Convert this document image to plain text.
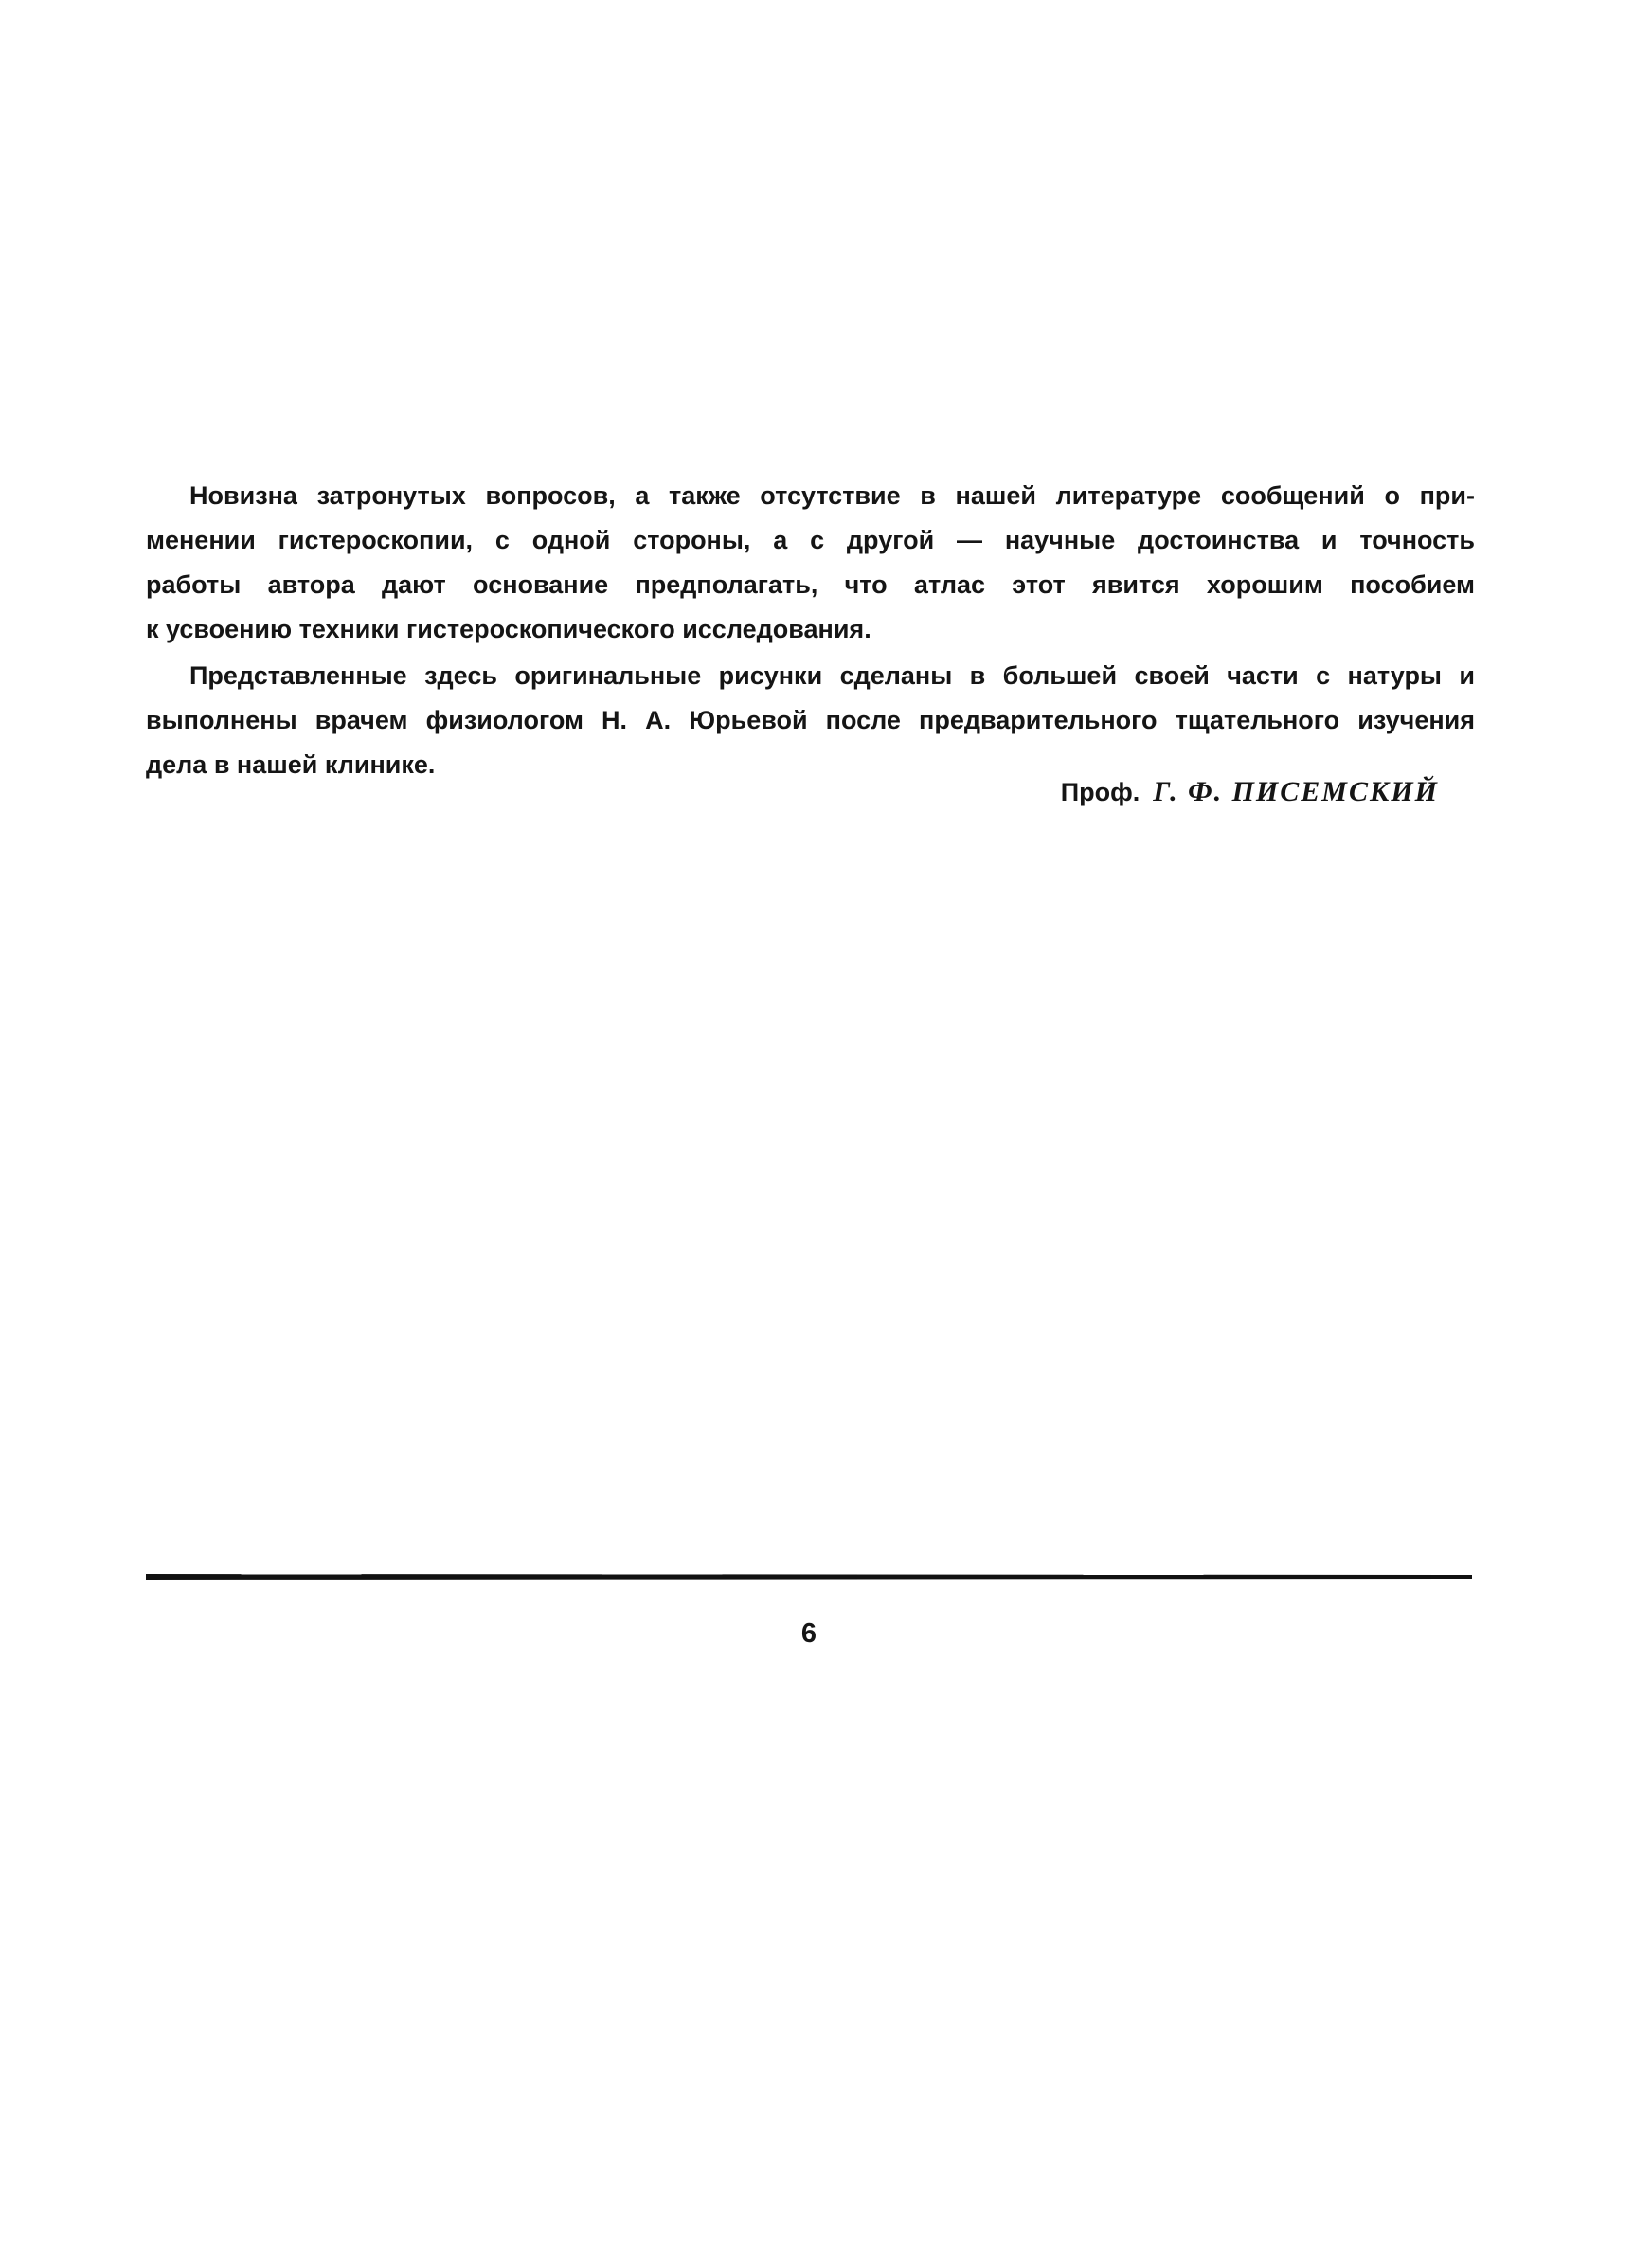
Новизна затронутых вопросов, а также отсутствие в нашей литературе сообщений о при-
менении гистероскопии, с одной стороны, а с другой — научные достоинства и точность
работы автора дают основание предполагать, что атлас этот явится хорошим пособием
к усвоению техники гистероскопического исследования.
Представленные здесь оригинальные рисунки сделаны в большей своей части с натуры и
выполнены врачем физиологом Н. А. Юрьевой после предварительного тщательного изучения
дела в нашей клинике.
Проф. Г. Ф. ПИСЕМСКИЙ
6
